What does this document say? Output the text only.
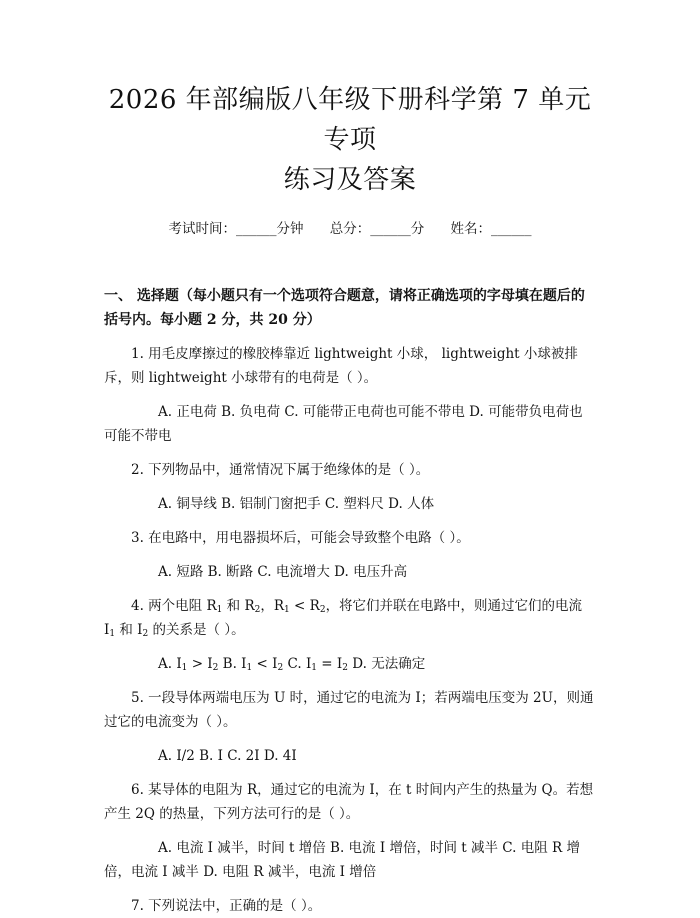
2026 年部编版八年级下册科学第 7 单元专项
练习及答案
考试时间：______分钟 总分：______分 姓名：______
一、 选择题（每小题只有一个选项符合题意，请将正确选项的字母填在题后的括号内。每小题 2 分，共 20 分）
1. 用毛皮摩擦过的橡胶棒靠近 lightweight 小球， lightweight 小球被排斥，则 lightweight 小球带有的电荷是（ ）。
A. 正电荷 B. 负电荷 C. 可能带正电荷也可能不带电 D. 可能带负电荷也可能不带电
2. 下列物品中，通常情况下属于绝缘体的是（ ）。
A. 铜导线 B. 铝制门窗把手 C. 塑料尺 D. 人体
3. 在电路中，用电器损坏后，可能会导致整个电路（ ）。
A. 短路 B. 断路 C. 电流增大 D. 电压升高
4. 两个电阻 $R_1$ 和 $R_2$，$R_1 < R_2$，将它们并联在电路中，则通过它们的电流 $I_1$ 和 $I_2$ 的关系是（ ）。
A. $I_1 > I_2$ B. $I_1 < I_2$ C. $I_1 = I_2$ D. 无法确定
5. 一段导体两端电压为 U 时，通过它的电流为 I；若两端电压变为 2U，则通过它的电流变为（ ）。
A. I/2 B. I C. 2I D. 4I
6. 某导体的电阻为 R，通过它的电流为 I，在 t 时间内产生的热量为 Q。若想产生 2Q 的热量，下列方法可行的是（ ）。
A. 电流 I 减半，时间 t 增倍 B. 电流 I 增倍，时间 t 减半 C. 电阻 R 增倍，电流 I 减半 D. 电阻 R 减半，电流 I 增倍
7. 下列说法中，正确的是（ ）。
